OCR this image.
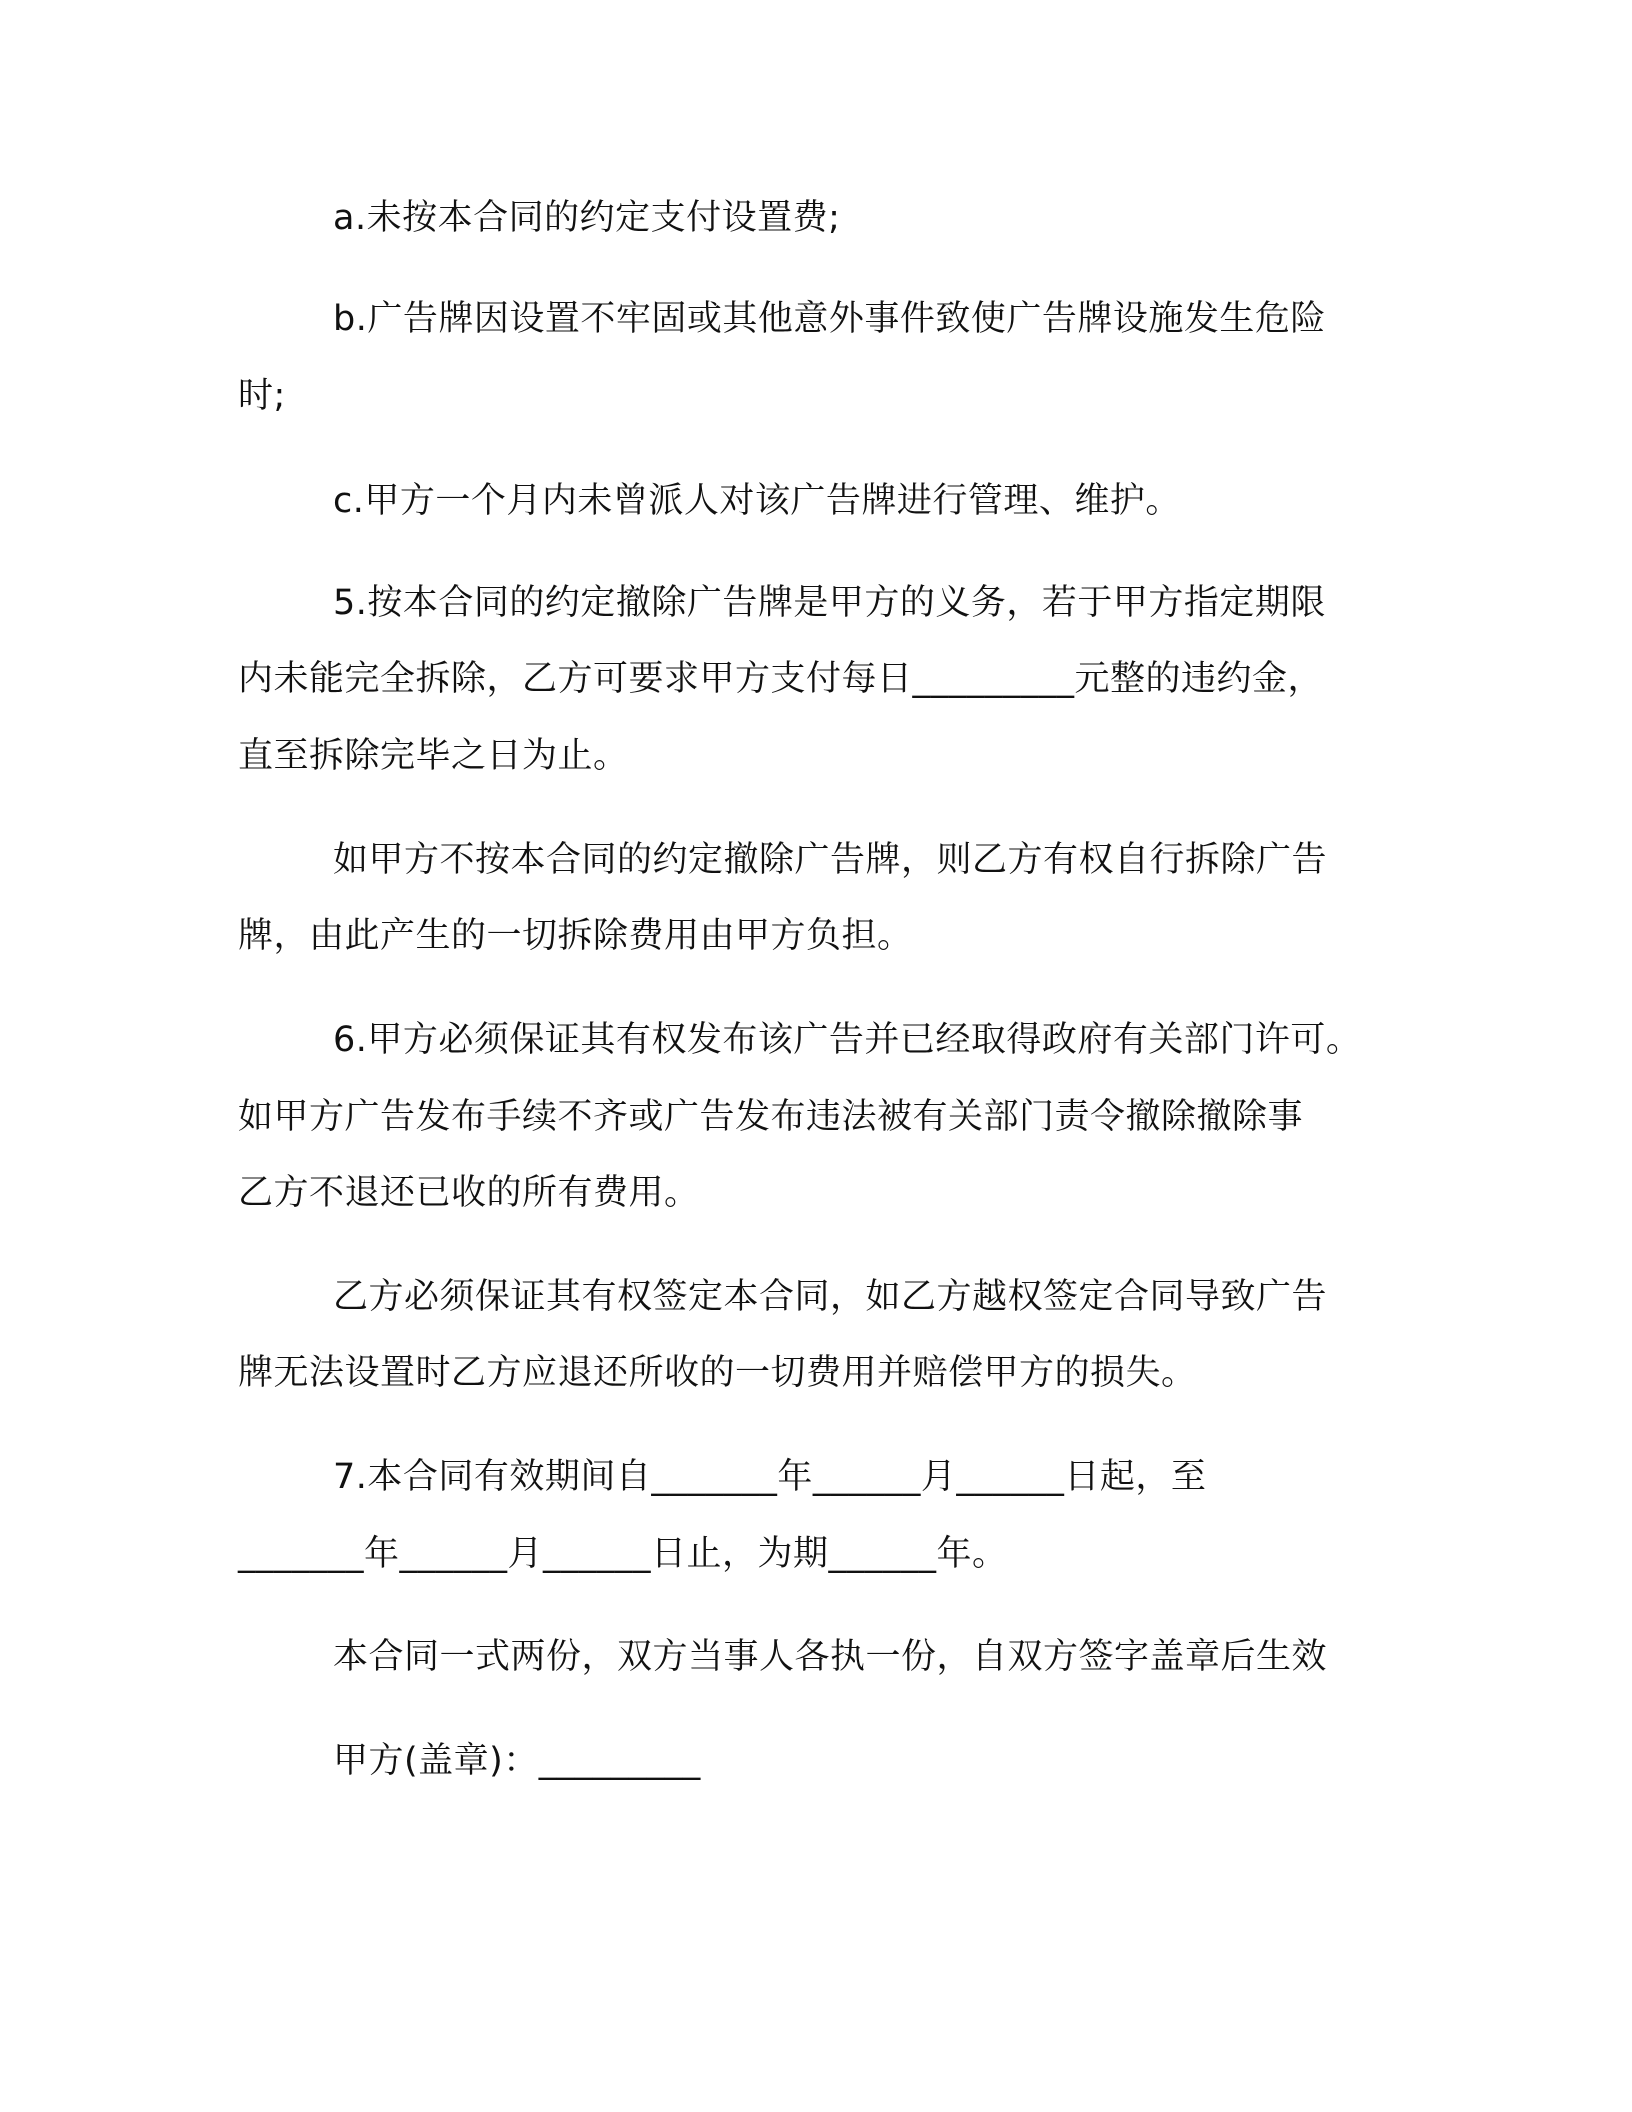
a.未按本合同的约定支付设置费;
b.广告牌因设置不牢固或其他意外事件致使广告牌设施发生危险
时;
c.甲方一个月内未曾派人对该广告牌进行管理、维护。
5.按本合同的约定撤除广告牌是甲方的义务，若于甲方指定期限
内未能完全拆除，乙方可要求甲方支付每日_________元整的违约金，
直至拆除完毕之日为止。
如甲方不按本合同的约定撤除广告牌，则乙方有权自行拆除广告
牌，由此产生的一切拆除费用由甲方负担。
6.甲方必须保证其有权发布该广告并已经取得政府有关部门许可。
如甲方广告发布手续不齐或广告发布违法被有关部门责令撤除撤除事
乙方不退还已收的所有费用。
乙方必须保证其有权签定本合同，如乙方越权签定合同导致广告
牌无法设置时乙方应退还所收的一切费用并赔偿甲方的损失。
7.本合同有效期间自_______年______月______日起，至
_______年______月______日止，为期______年。
本合同一式两份，双方当事人各执一份，自双方签字盖章后生效
甲方(盖章)：_________
